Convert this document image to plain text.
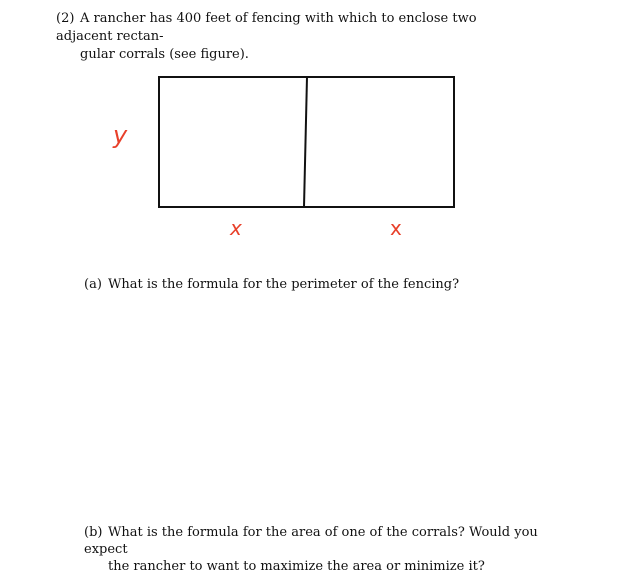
(2) A rancher has 400 feet of fencing with which to enclose two adjacent rectan-
gular corrals (see figure).
y
x	x
(a) What is the formula for the perimeter of the fencing?
(b) What is the formula for the area of one of the corrals? Would you expect
the rancher to want to maximize the area or minimize it?
